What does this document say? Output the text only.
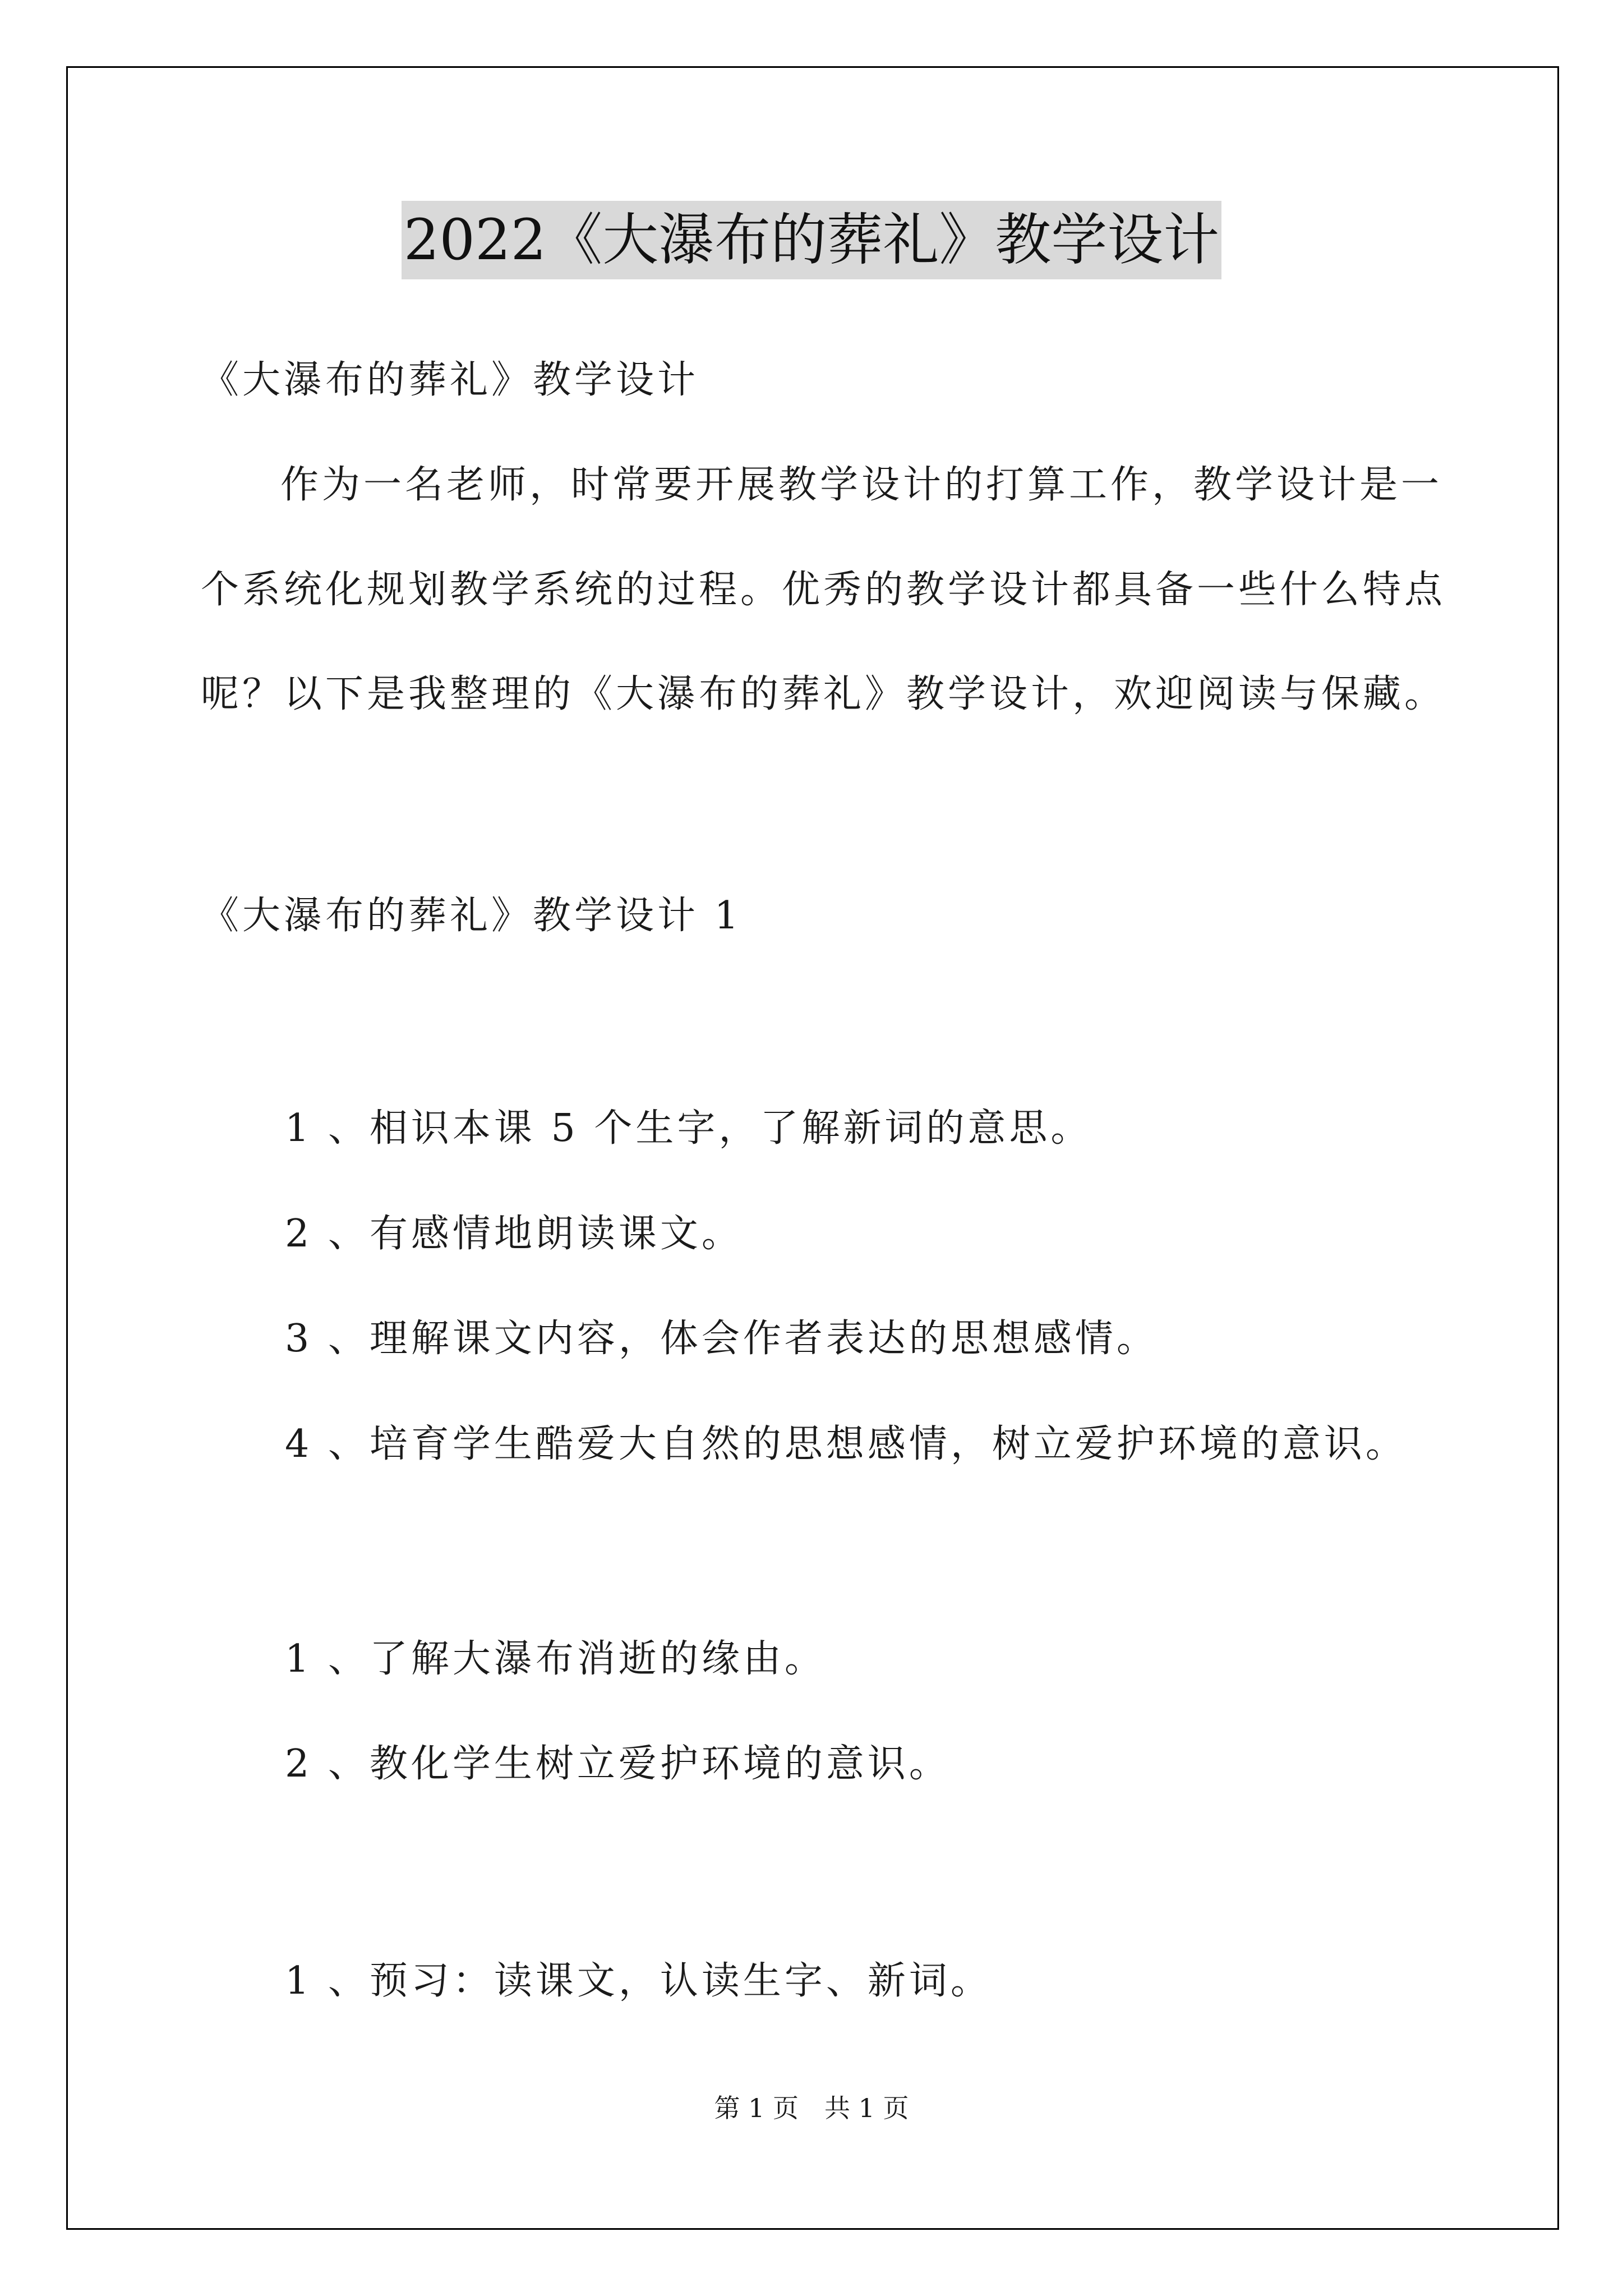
2022《大瀑布的葬礼》教学设计
《大瀑布的葬礼》教学设计
作为一名老师，时常要开展教学设计的打算工作，教学设计是一
个系统化规划教学系统的过程。优秀的教学设计都具备一些什么特点
呢？以下是我整理的《大瀑布的葬礼》教学设计，欢迎阅读与保藏。
《大瀑布的葬礼》教学设计 1
1 、相识本课 5 个生字，了解新词的意思。
2 、有感情地朗读课文。
3 、理解课文内容，体会作者表达的思想感情。
4 、培育学生酷爱大自然的思想感情，树立爱护环境的意识。
1 、了解大瀑布消逝的缘由。
2 、教化学生树立爱护环境的意识。
1 、预习：读课文，认读生字、新词。
第 1 页　共 1 页
